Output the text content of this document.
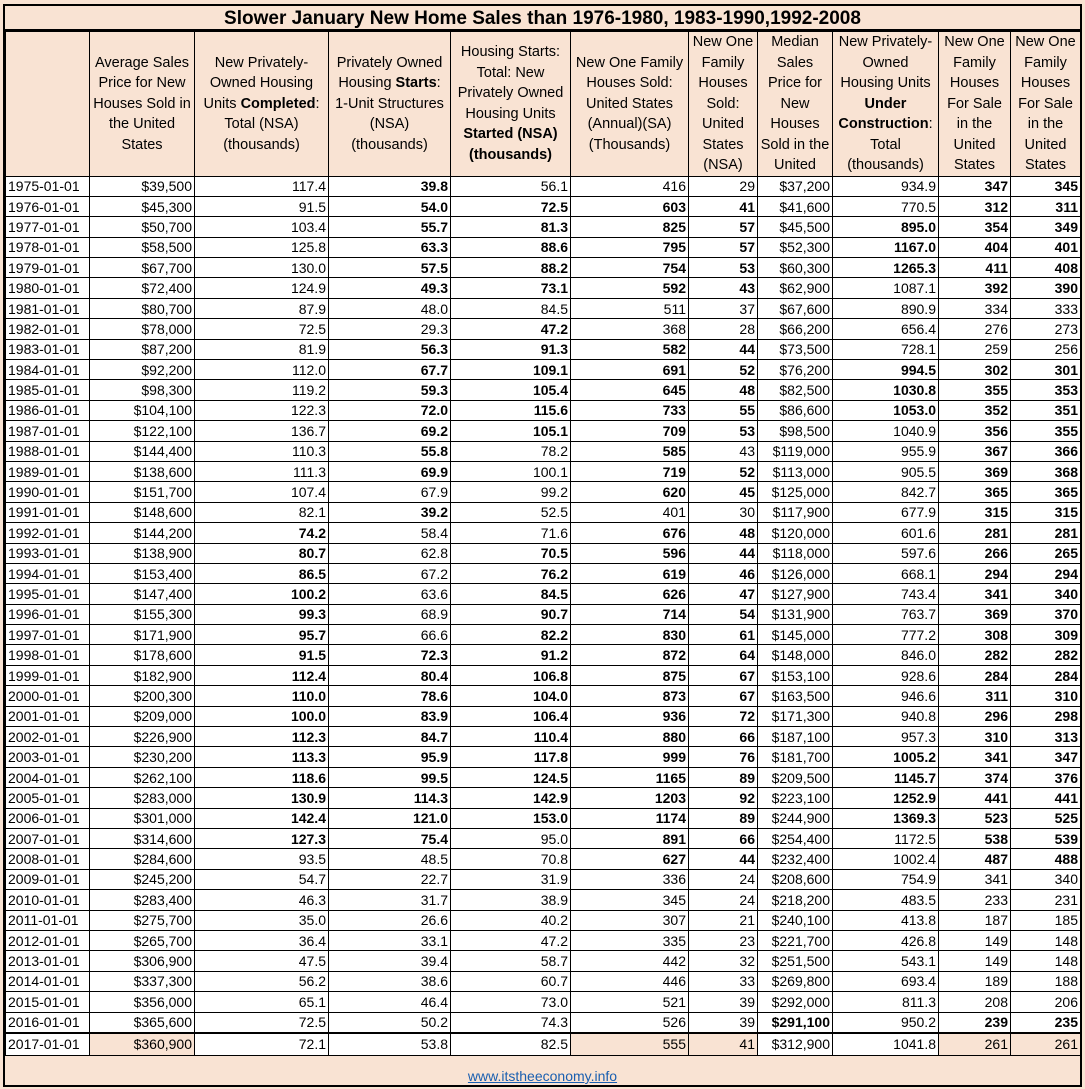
Slower January New Home Sales than 1976-1980, 1983-1990,1992-2008
	Average Sales Price for New Houses Sold in the United States	New Privately-Owned Housing Units Completed: Total (NSA)(thousands)	Privately Owned Housing Starts: 1-Unit Structures (NSA) (thousands)	Housing Starts: Total: New Privately Owned Housing Units Started (NSA) (thousands)	New One Family Houses Sold: United States (Annual)(SA) (Thousands)	New One Family Houses Sold: United States (NSA)	Median Sales Price for New Houses Sold in the United	New Privately-Owned Housing Units Under Construction: Total (thousands)	New One Family Houses For Sale in the United States	New One Family Houses For Sale in the United States
1975-01-01	$39,500	117.4	39.8	56.1	416	29	$37,200	934.9	347	345
1976-01-01	$45,300	91.5	54.0	72.5	603	41	$41,600	770.5	312	311
1977-01-01	$50,700	103.4	55.7	81.3	825	57	$45,500	895.0	354	349
1978-01-01	$58,500	125.8	63.3	88.6	795	57	$52,300	1167.0	404	401
1979-01-01	$67,700	130.0	57.5	88.2	754	53	$60,300	1265.3	411	408
1980-01-01	$72,400	124.9	49.3	73.1	592	43	$62,900	1087.1	392	390
1981-01-01	$80,700	87.9	48.0	84.5	511	37	$67,600	890.9	334	333
1982-01-01	$78,000	72.5	29.3	47.2	368	28	$66,200	656.4	276	273
1983-01-01	$87,200	81.9	56.3	91.3	582	44	$73,500	728.1	259	256
1984-01-01	$92,200	112.0	67.7	109.1	691	52	$76,200	994.5	302	301
1985-01-01	$98,300	119.2	59.3	105.4	645	48	$82,500	1030.8	355	353
1986-01-01	$104,100	122.3	72.0	115.6	733	55	$86,600	1053.0	352	351
1987-01-01	$122,100	136.7	69.2	105.1	709	53	$98,500	1040.9	356	355
1988-01-01	$144,400	110.3	55.8	78.2	585	43	$119,000	955.9	367	366
1989-01-01	$138,600	111.3	69.9	100.1	719	52	$113,000	905.5	369	368
1990-01-01	$151,700	107.4	67.9	99.2	620	45	$125,000	842.7	365	365
1991-01-01	$148,600	82.1	39.2	52.5	401	30	$117,900	677.9	315	315
1992-01-01	$144,200	74.2	58.4	71.6	676	48	$120,000	601.6	281	281
1993-01-01	$138,900	80.7	62.8	70.5	596	44	$118,000	597.6	266	265
1994-01-01	$153,400	86.5	67.2	76.2	619	46	$126,000	668.1	294	294
1995-01-01	$147,400	100.2	63.6	84.5	626	47	$127,900	743.4	341	340
1996-01-01	$155,300	99.3	68.9	90.7	714	54	$131,900	763.7	369	370
1997-01-01	$171,900	95.7	66.6	82.2	830	61	$145,000	777.2	308	309
1998-01-01	$178,600	91.5	72.3	91.2	872	64	$148,000	846.0	282	282
1999-01-01	$182,900	112.4	80.4	106.8	875	67	$153,100	928.6	284	284
2000-01-01	$200,300	110.0	78.6	104.0	873	67	$163,500	946.6	311	310
2001-01-01	$209,000	100.0	83.9	106.4	936	72	$171,300	940.8	296	298
2002-01-01	$226,900	112.3	84.7	110.4	880	66	$187,100	957.3	310	313
2003-01-01	$230,200	113.3	95.9	117.8	999	76	$181,700	1005.2	341	347
2004-01-01	$262,100	118.6	99.5	124.5	1165	89	$209,500	1145.7	374	376
2005-01-01	$283,000	130.9	114.3	142.9	1203	92	$223,100	1252.9	441	441
2006-01-01	$301,000	142.4	121.0	153.0	1174	89	$244,900	1369.3	523	525
2007-01-01	$314,600	127.3	75.4	95.0	891	66	$254,400	1172.5	538	539
2008-01-01	$284,600	93.5	48.5	70.8	627	44	$232,400	1002.4	487	488
2009-01-01	$245,200	54.7	22.7	31.9	336	24	$208,600	754.9	341	340
2010-01-01	$283,400	46.3	31.7	38.9	345	24	$218,200	483.5	233	231
2011-01-01	$275,700	35.0	26.6	40.2	307	21	$240,100	413.8	187	185
2012-01-01	$265,700	36.4	33.1	47.2	335	23	$221,700	426.8	149	148
2013-01-01	$306,900	47.5	39.4	58.7	442	32	$251,500	543.1	149	148
2014-01-01	$337,300	56.2	38.6	60.7	446	33	$269,800	693.4	189	188
2015-01-01	$356,000	65.1	46.4	73.0	521	39	$292,000	811.3	208	206
2016-01-01	$365,600	72.5	50.2	74.3	526	39	$291,100	950.2	239	235
2017-01-01	$360,900	72.1	53.8	82.5	555	41	$312,900	1041.8	261	261
www.itstheeconomy.info
